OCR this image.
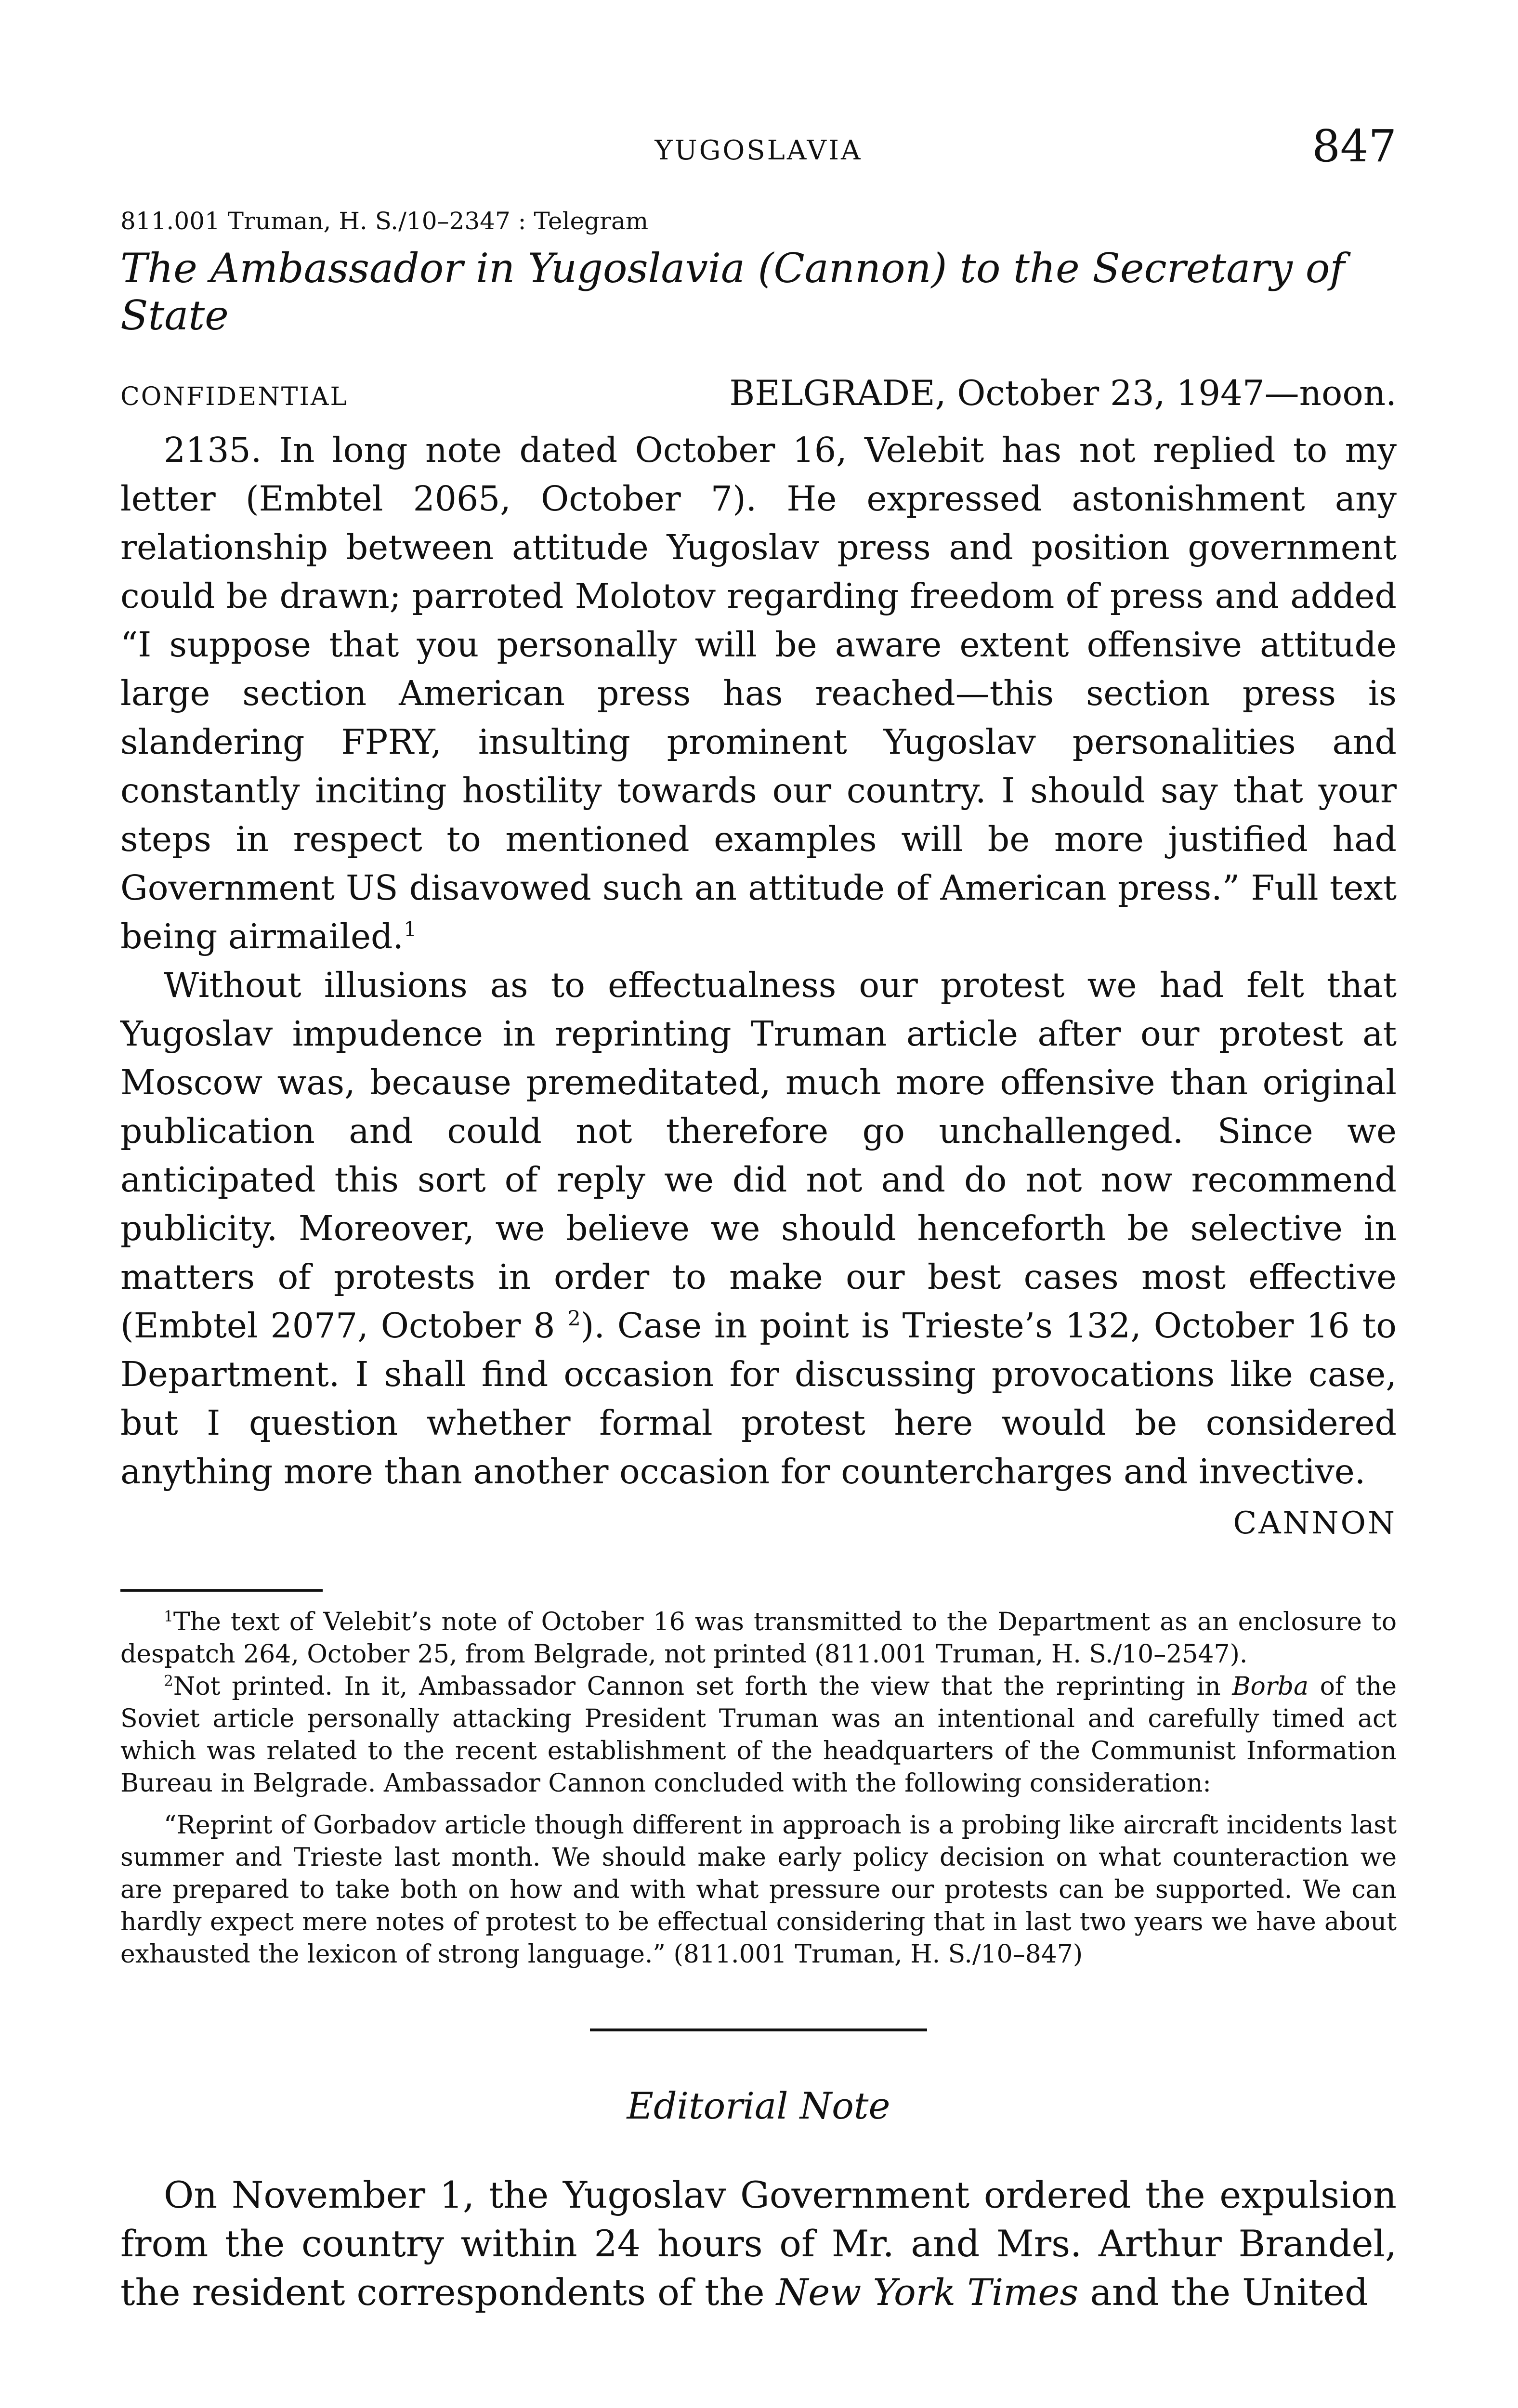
YUGOSLAVIA	847
811.001 Truman, H. S./10–2347 : Telegram
The Ambassador in Yugoslavia (Cannon) to the Secretary of State
CONFIDENTIAL	BELGRADE, October 23, 1947—noon.

2135. In long note dated October 16, Velebit has not replied to my letter (Embtel 2065, October 7). He expressed astonishment any relationship between attitude Yugoslav press and position government could be drawn; parroted Molotov regarding freedom of press and added “I suppose that you personally will be aware extent offensive attitude large section American press has reached—this section press is slandering FPRY, insulting prominent Yugoslav personalities and constantly inciting hostility towards our country. I should say that your steps in respect to mentioned examples will be more justified had Government US disavowed such an attitude of American press.” Full text being airmailed.$^1$

Without illusions as to effectualness our protest we had felt that Yugoslav impudence in reprinting Truman article after our protest at Moscow was, because premeditated, much more offensive than original publication and could not therefore go unchallenged. Since we anticipated this sort of reply we did not and do not now recommend publicity. Moreover, we believe we should henceforth be selective in matters of protests in order to make our best cases most effective (Embtel 2077, October 8 $^2$). Case in point is Trieste’s 132, October 16 to Department. I shall find occasion for discussing provocations like case, but I question whether formal protest here would be considered anything more than another occasion for countercharges and invective.

CANNON

$^1$The text of Velebit’s note of October 16 was transmitted to the Department as an enclosure to despatch 264, October 25, from Belgrade, not printed (811.001 Truman, H. S./10–2547).

$^2$Not printed. In it, Ambassador Cannon set forth the view that the reprinting in Borba of the Soviet article personally attacking President Truman was an intentional and carefully timed act which was related to the recent establishment of the headquarters of the Communist Information Bureau in Belgrade. Ambassador Cannon concluded with the following consideration:

“Reprint of Gorbadov article though different in approach is a probing like aircraft incidents last summer and Trieste last month. We should make early policy decision on what counteraction we are prepared to take both on how and with what pressure our protests can be supported. We can hardly expect mere notes of protest to be effectual considering that in last two years we have about exhausted the lexicon of strong language.” (811.001 Truman, H. S./10–847)

Editorial Note

On November 1, the Yugoslav Government ordered the expulsion from the country within 24 hours of Mr. and Mrs. Arthur Brandel, the resident correspondents of the New York Times and the United
